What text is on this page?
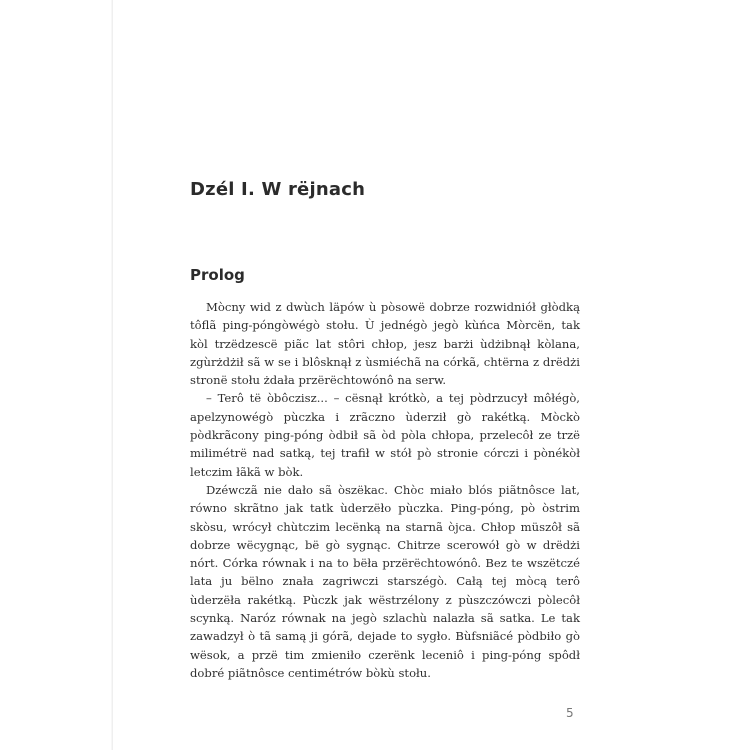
Dzél I. W rëjnach
Prolog

Mòcny wid z dwùch läpów ù pòsowë dobrze rozwidniół głòdką tôflã ping-póngòwégò stołu. Ù jednégò jegò kùńca Mòrcën, tak kòl trzëdzescë piãc lat stôri chłop, jesz barżi ùdżibnął kòlana, zgùrżdżił sã w se i blôsknął z ùsmiéchã na córkã, chtërna z drëdżi stronë stołu żdała przërëchtowónô na serw.

– Terô të òbôczisz... – cësnął krótkò, a tej pòdrzucył môłégò, apelzynowégò pùczka i zrãczno ùderził gò rakétką. Mòckò pòdkrãcony ping-póng òdbił sã òd pòla chłopa, przelecôł ze trzë milimétrë nad satką, tej trafił w stół pò stronie córczi i pònékòł letczim łãkã w bòk.

Dzéwczã nie dało sã òszëkac. Chòc miało blós piãtnôsce lat, równo skrãtno jak tatk ùderzëło pùczka. Ping-póng, pò òstrim skòsu, wrócył chùtczim lecënką na starnã òjca. Chłop müszôł sã dobrze wëcygnąc, bë gò sygnąc. Chitrze scerowół gò w drëdżi nórt. Córka równak i na to bëła przërëchtowónô. Bez te wszëtczé lata ju bëlno znała zagriwczi starszégò. Całą tej mòcą terô ùderzëła rakétką. Pùczk jak wëstrzélony z pùszczówczi pòlecôł scynką. Naróz równak na jegò szlachù nalazła sã satka. Le tak zawadzył ò tã samą ji górã, dejade to sygło. Bùfsniãcé pòdbiło gò wësok, a przë tim zmieniło czerënk leceniô i ping-póng spôdł dobré piãtnôsce centimétrów bòkù stołu.

5
